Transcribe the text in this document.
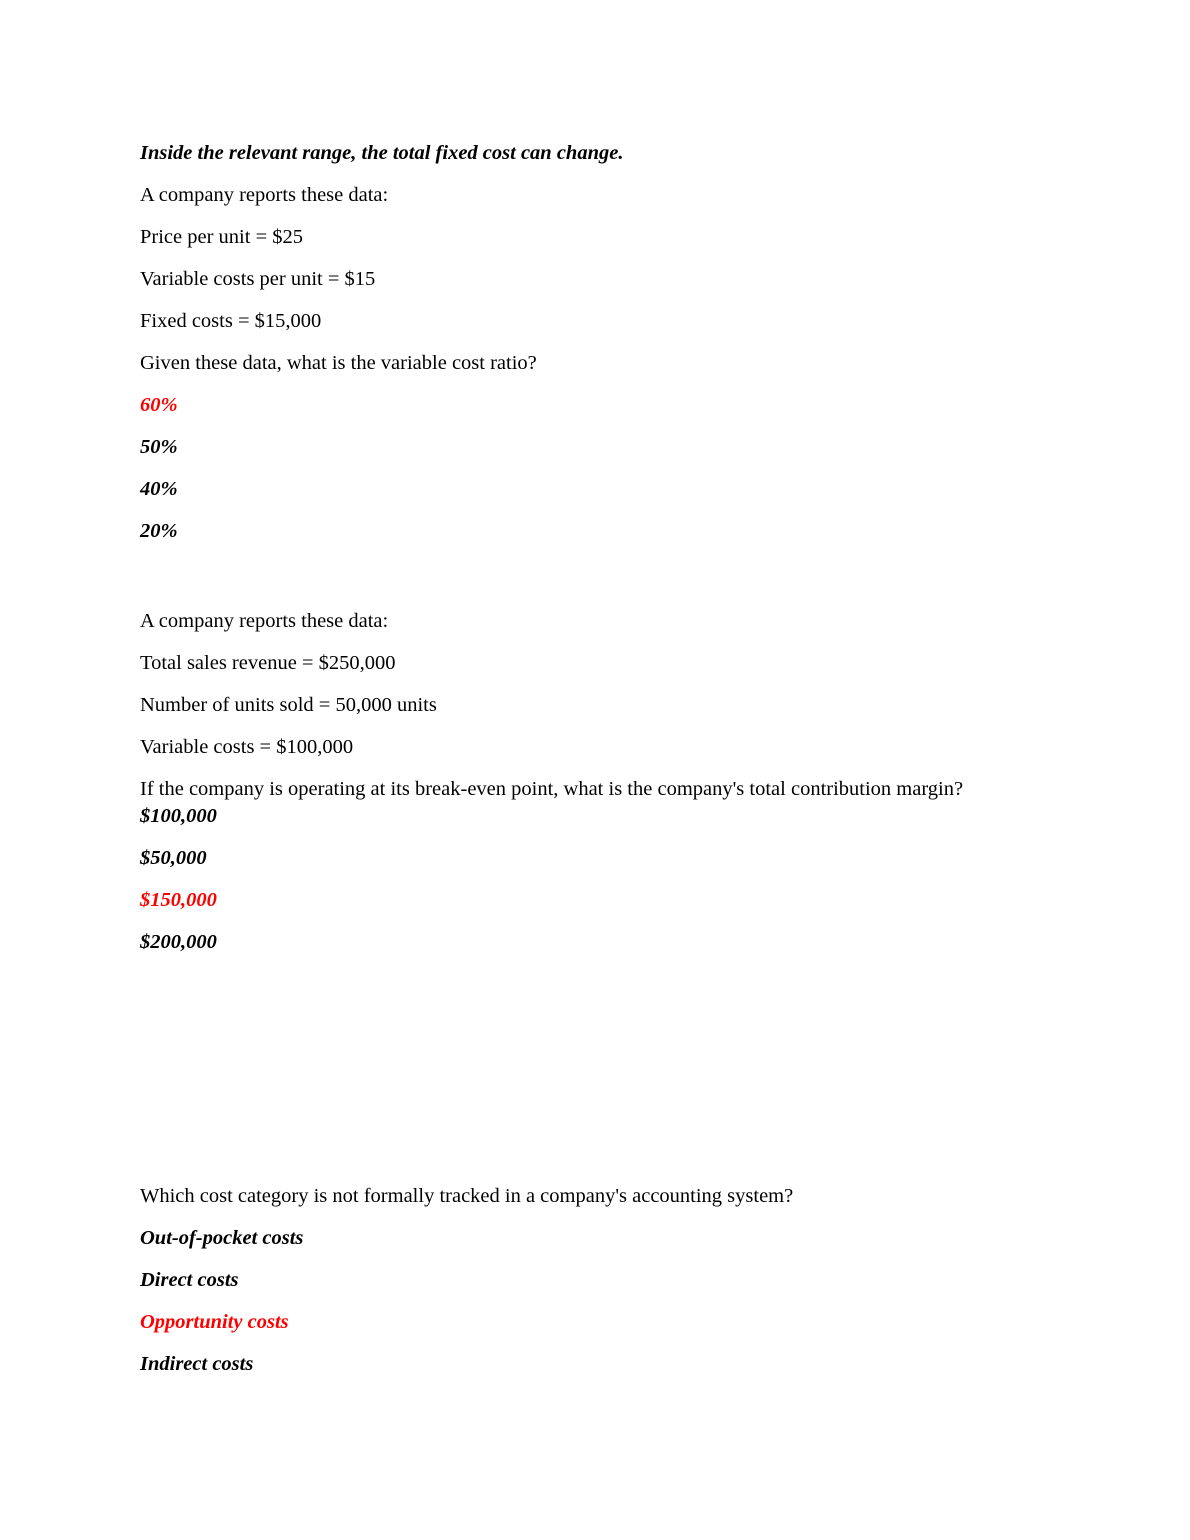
Inside the relevant range, the total fixed cost can change.

A company reports these data:

Price per unit = $25

Variable costs per unit = $15

Fixed costs = $15,000

Given these data, what is the variable cost ratio?

60%

50%

40%

20%

A company reports these data:

Total sales revenue = $250,000

Number of units sold = 50,000 units

Variable costs = $100,000

If the company is operating at its break-even point, what is the company's total contribution margin?

$100,000

$50,000

$150,000

$200,000

Which cost category is not formally tracked in a company's accounting system?

Out-of-pocket costs

Direct costs

Opportunity costs

Indirect costs
